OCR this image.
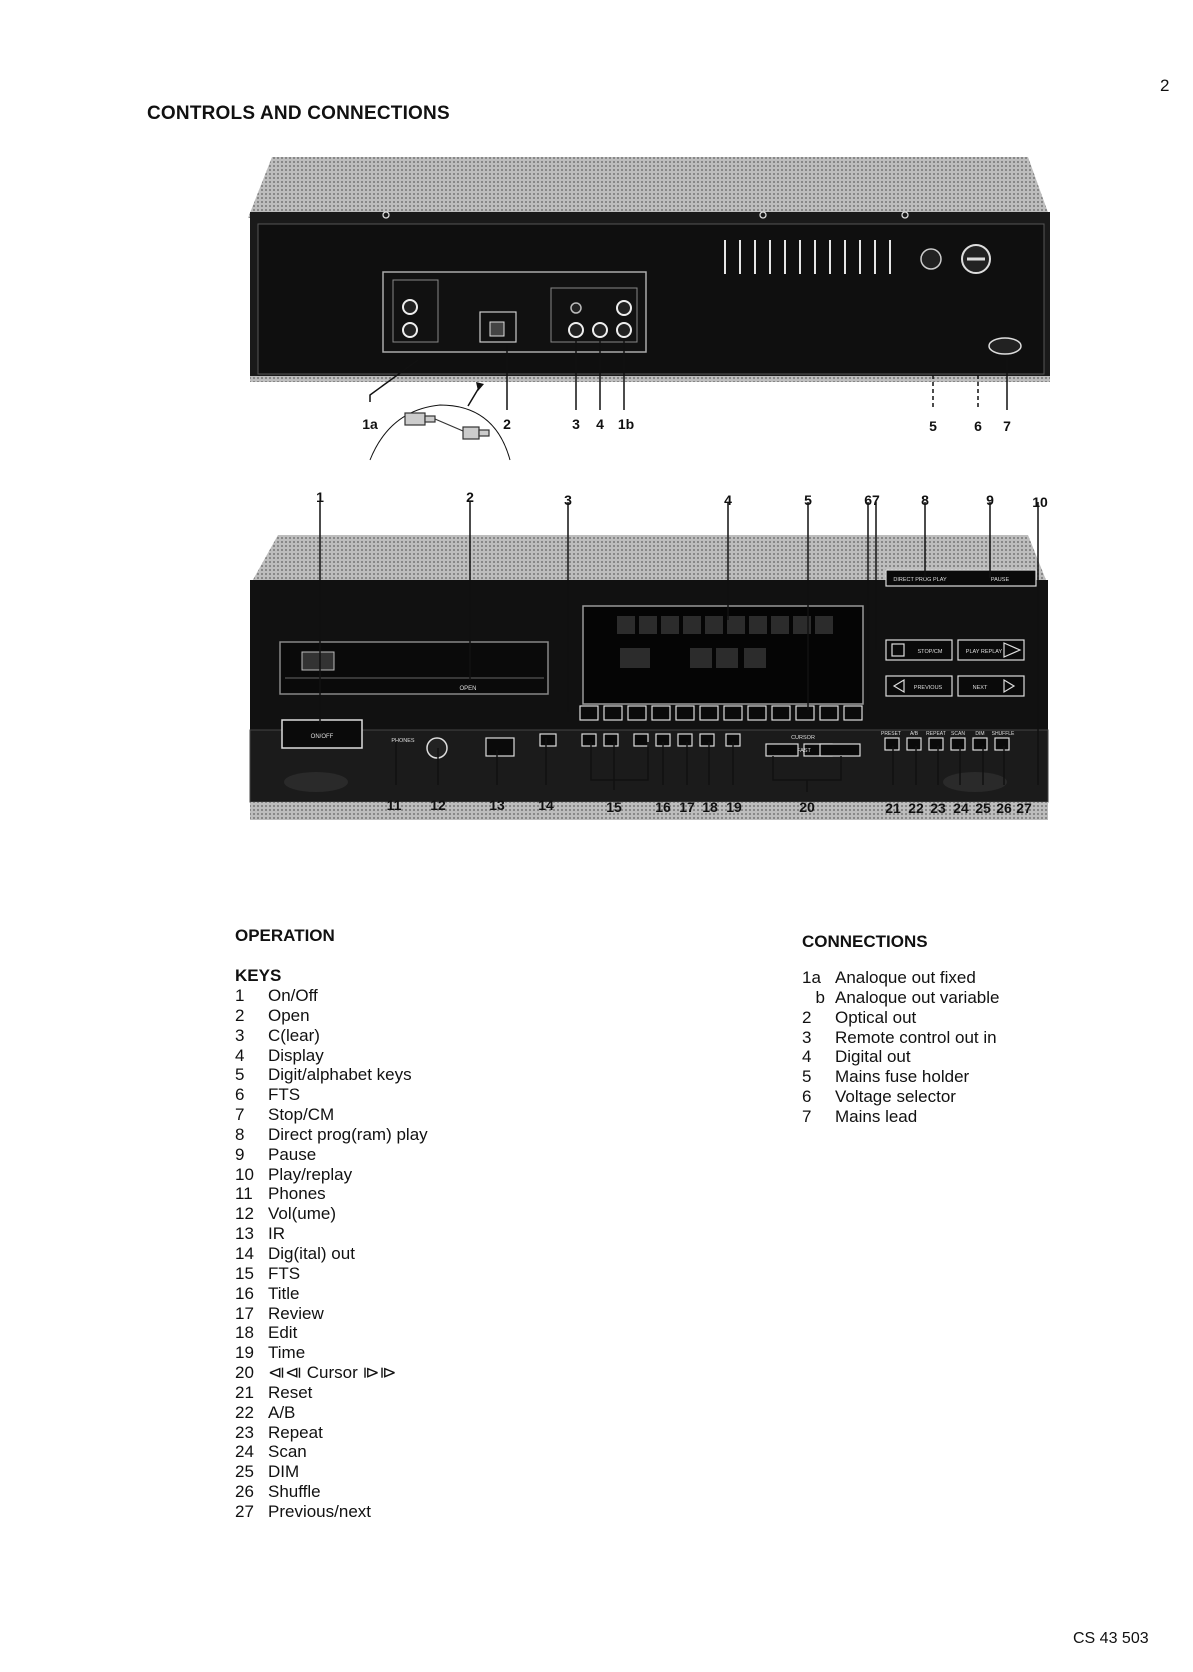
2
CONTROLS AND CONNECTIONS
1a	2	3 4 1b	5	6 7
OPEN
ON/OFF
DIRECT PROG PLAY	PAUSE
STOP/CM	PLAY REPLAY
PREVIOUS	NEXT
PHONES	CURSOR
FAST
PRESET A/B REPEAT SCAN DIM SHUFFLE
1	2	3	4	5	67	8	9	10
11 12	13 14	15 16 17 18 19	20	21 22 23 24 25 26 27
OPERATION
KEYS
1	On/Off
2	Open
3	C(lear)
4	Display
5	Digit/alphabet keys
6	FTS
7	Stop/CM
8	Direct prog(ram) play
9	Pause
10 Play/replay
11 Phones
12 Vol(ume)
13 IR
14 Dig(ital) out
15 FTS
16 Title
17 Review
18 Edit
19 Time
20 ⧏⧏ Cursor ⧐⧐
21 Reset
22 A/B
23 Repeat
24 Scan
25 DIM
26 Shuffle
27 Previous/next
CONNECTIONS
1a Analoque out fixed
b Analoque out variable
2	Optical out
3	Remote control out in
4	Digital out
5	Mains fuse holder
6	Voltage selector
7	Mains lead
CS 43 503
